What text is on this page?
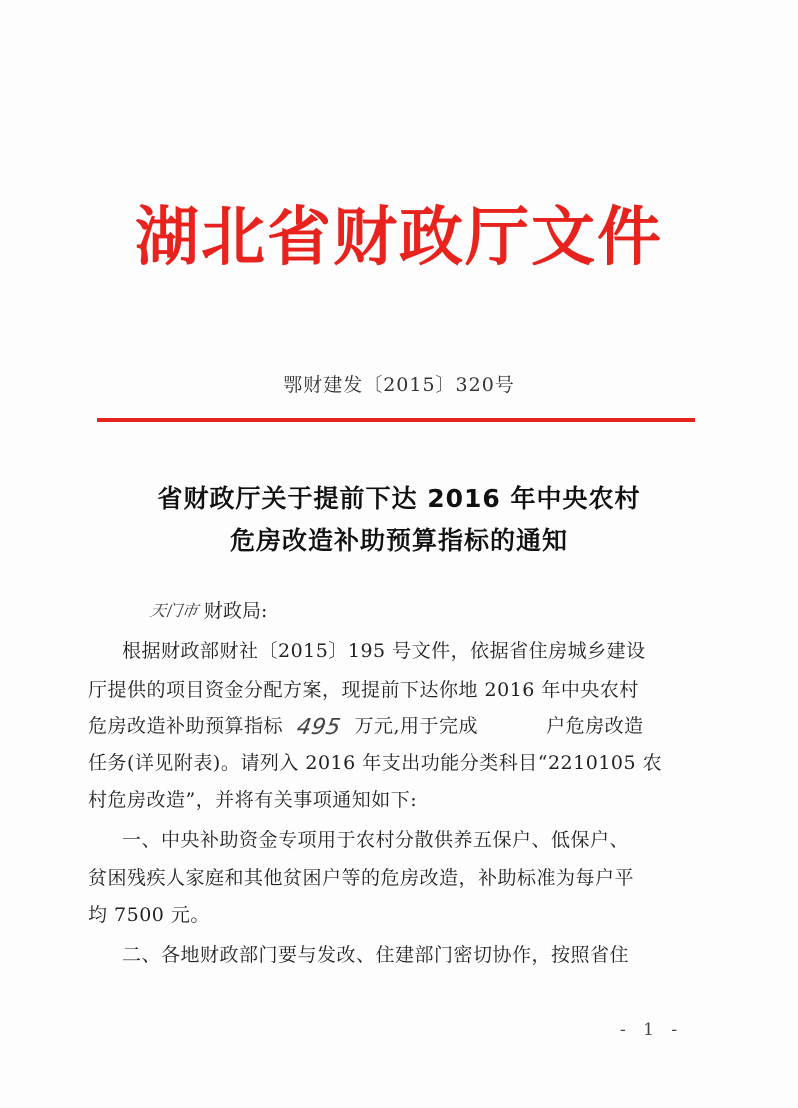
湖北省财政厅文件
鄂财建发〔2015〕320号
省财政厅关于提前下达 2016 年中央农村
危房改造补助预算指标的通知
天门市 财政局:
根据财政部财社〔2015〕195 号文件，依据省住房城乡建设
厅提供的项目资金分配方案，现提前下达你地 2016 年中央农村
危房改造补助预算指标 495 万元,用于完成	户危房改造
任务(详见附表)。请列入 2016 年支出功能分类科目“2210105 农
村危房改造”，并将有关事项通知如下:
一、中央补助资金专项用于农村分散供养五保户、低保户、
贫困残疾人家庭和其他贫困户等的危房改造，补助标准为每户平
均 7500 元。
二、各地财政部门要与发改、住建部门密切协作，按照省住
- 1 -
